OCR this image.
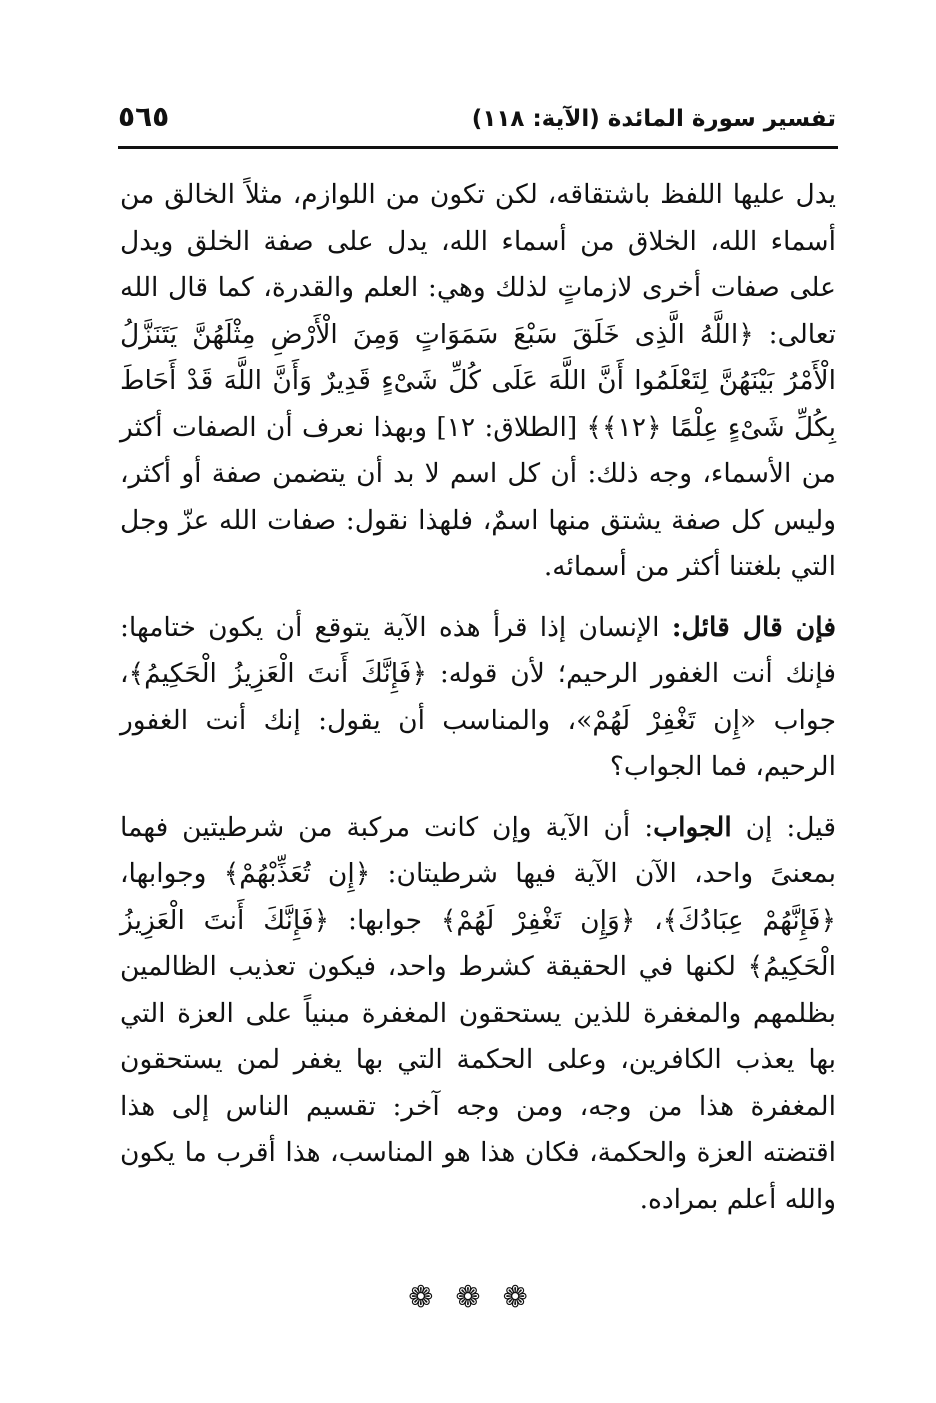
تفسير سورة المائدة (الآية: ١١٨)
٥٦٥

يدل عليها اللفظ باشتقاقه، لكن تكون من اللوازم، مثلاً الخالق من أسماء الله، الخلاق من أسماء الله، يدل على صفة الخلق ويدل على صفات أخرى لازماتٍ لذلك وهي: العلم والقدرة، كما قال الله تعالى: ﴿اللَّهُ الَّذِى خَلَقَ سَبْعَ سَمَوَاتٍ وَمِنَ الْأَرْضِ مِثْلَهُنَّ يَتَنَزَّلُ الْأَمْرُ بَيْنَهُنَّ لِتَعْلَمُوا أَنَّ اللَّهَ عَلَى كُلِّ شَىْءٍ قَدِيرٌ وَأَنَّ اللَّهَ قَدْ أَحَاطَ بِكُلِّ شَىْءٍ عِلْمًا ﴿١٢﴾﴾ [الطلاق: ١٢] وبهذا نعرف أن الصفات أكثر من الأسماء، وجه ذلك: أن كل اسم لا بد أن يتضمن صفة أو أكثر، وليس كل صفة يشتق منها اسمٌ، فلهذا نقول: صفات الله عزّ وجل التي بلغتنا أكثر من أسمائه.

فإن قال قائل: الإنسان إذا قرأ هذه الآية يتوقع أن يكون ختامها: فإنك أنت الغفور الرحيم؛ لأن قوله: ﴿فَإِنَّكَ أَنتَ الْعَزِيزُ الْحَكِيمُ﴾، جواب «إِن تَغْفِرْ لَهُمْ»، والمناسب أن يقول: إنك أنت الغفور الرحيم، فما الجواب؟

قيل: إن الجواب: أن الآية وإن كانت مركبة من شرطيتين فهما بمعنىً واحد، الآن الآية فيها شرطيتان: ﴿إِن تُعَذِّبْهُمْ﴾ وجوابها، ﴿فَإِنَّهُمْ عِبَادُكَ﴾، ﴿وَإِن تَغْفِرْ لَهُمْ﴾ جوابها: ﴿فَإِنَّكَ أَنتَ الْعَزِيزُ الْحَكِيمُ﴾ لكنها في الحقيقة كشرط واحد، فيكون تعذيب الظالمين بظلمهم والمغفرة للذين يستحقون المغفرة مبنياً على العزة التي بها يعذب الكافرين، وعلى الحكمة التي بها يغفر لمن يستحقون المغفرة هذا من وجه، ومن وجه آخر: تقسيم الناس إلى هذا اقتضته العزة والحكمة، فكان هذا هو المناسب، هذا أقرب ما يكون والله أعلم بمراده.

❁ ❁ ❁
